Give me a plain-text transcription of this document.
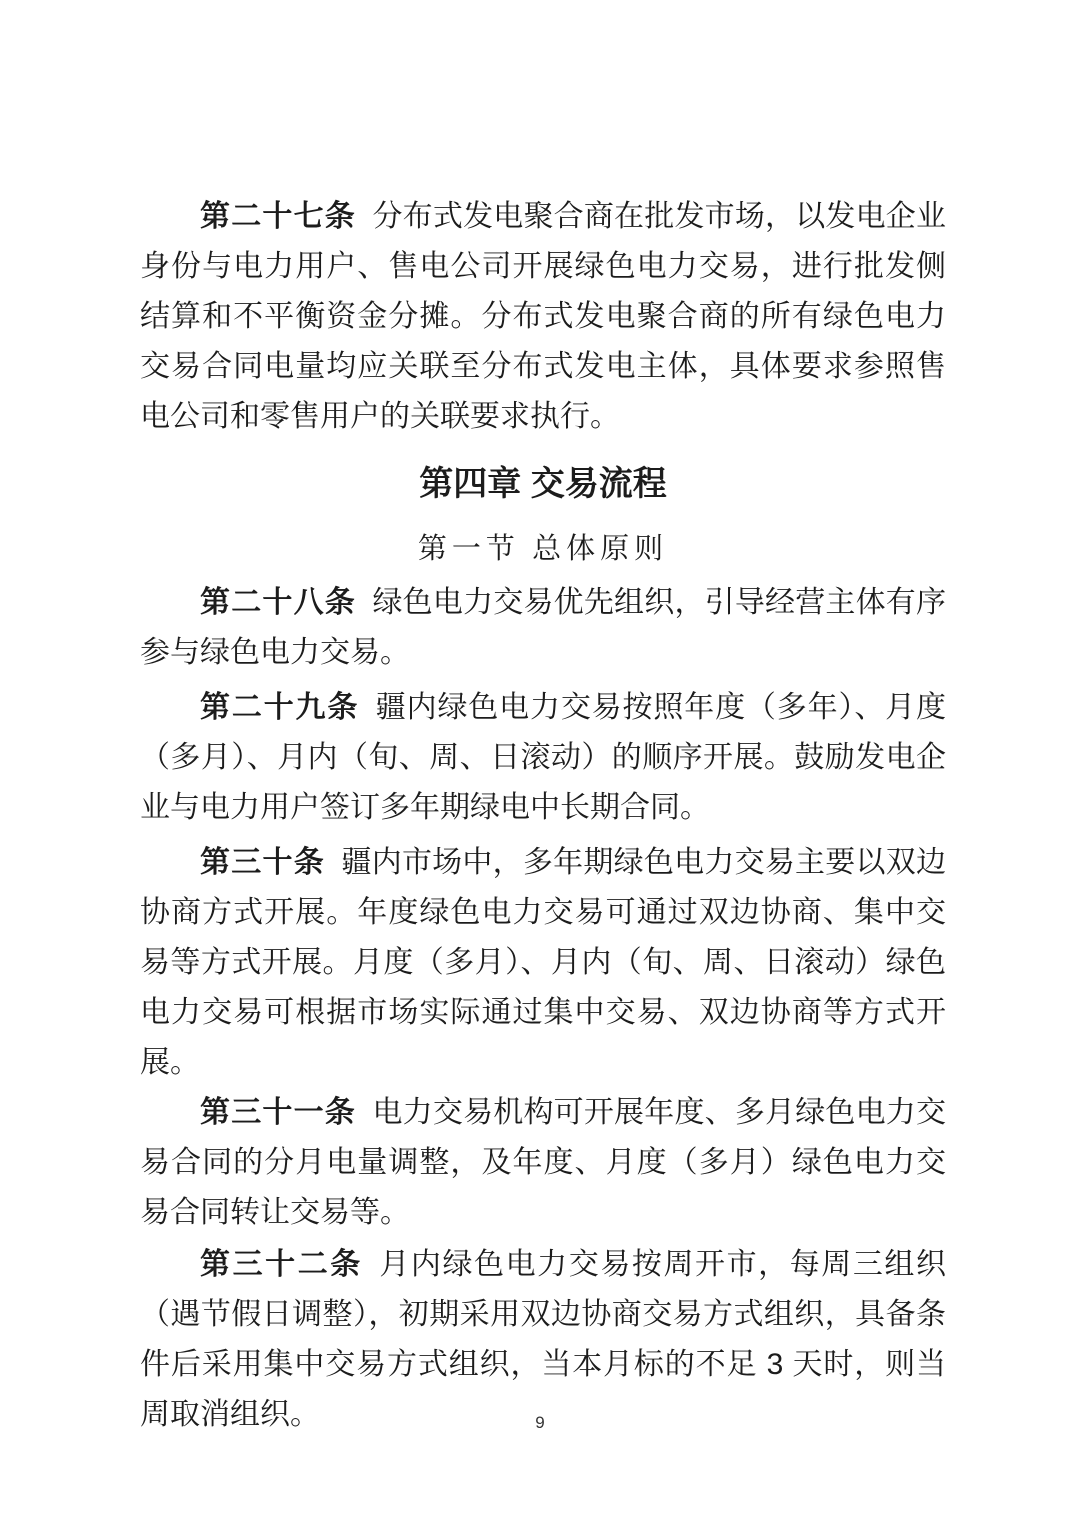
第二十七条 分布式发电聚合商在批发市场，以发电企业身份与电力用户、售电公司开展绿色电力交易，进行批发侧结算和不平衡资金分摊。分布式发电聚合商的所有绿色电力交易合同电量均应关联至分布式发电主体，具体要求参照售电公司和零售用户的关联要求执行。

第四章 交易流程
第一节 总体原则

第二十八条 绿色电力交易优先组织，引导经营主体有序参与绿色电力交易。

第二十九条 疆内绿色电力交易按照年度（多年）、月度（多月）、月内（旬、周、日滚动）的顺序开展。鼓励发电企业与电力用户签订多年期绿电中长期合同。

第三十条 疆内市场中，多年期绿色电力交易主要以双边协商方式开展。年度绿色电力交易可通过双边协商、集中交易等方式开展。月度（多月）、月内（旬、周、日滚动）绿色电力交易可根据市场实际通过集中交易、双边协商等方式开展。

第三十一条 电力交易机构可开展年度、多月绿色电力交易合同的分月电量调整，及年度、月度（多月）绿色电力交易合同转让交易等。

第三十二条 月内绿色电力交易按周开市，每周三组织（遇节假日调整），初期采用双边协商交易方式组织，具备条件后采用集中交易方式组织，当本月标的不足 3 天时，则当周取消组织。	9
